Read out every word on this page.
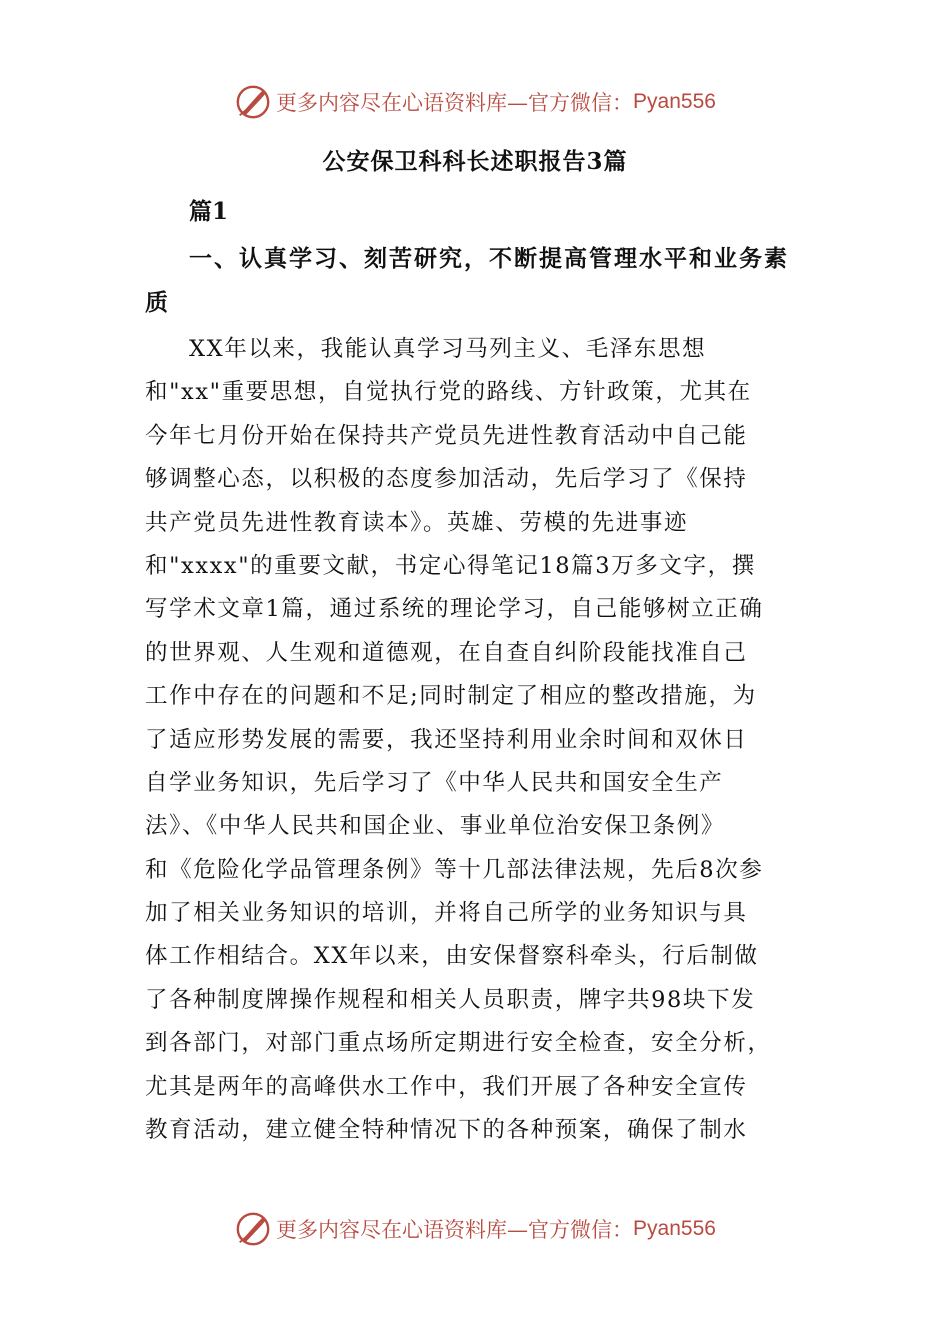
更多内容尽在心语资料库—官方微信： Pyan556
公安保卫科科长述职报告3篇
篇1
一、认真学习、刻苦研究，不断提高管理水平和业务素质
XX年以来，我能认真学习马列主义、毛泽东思想
和"xx"重要思想，自觉执行党的路线、方针政策，尤其在
今年七月份开始在保持共产党员先进性教育活动中自己能
够调整心态，以积极的态度参加活动，先后学习了《保持
共产党员先进性教育读本》。英雄、劳模的先进事迹
和"xxxx"的重要文献，书定心得笔记18篇3万多文字，撰
写学术文章1篇，通过系统的理论学习，自己能够树立正确
的世界观、人生观和道德观，在自查自纠阶段能找准自己
工作中存在的问题和不足;同时制定了相应的整改措施，为
了适应形势发展的需要，我还坚持利用业余时间和双休日
自学业务知识，先后学习了《中华人民共和国安全生产
法》、《中华人民共和国企业、事业单位治安保卫条例》
和《危险化学品管理条例》等十几部法律法规，先后8次参
加了相关业务知识的培训，并将自己所学的业务知识与具
体工作相结合。XX年以来，由安保督察科牵头，行后制做
了各种制度牌操作规程和相关人员职责，牌字共98块下发
到各部门，对部门重点场所定期进行安全检查，安全分析，
尤其是两年的高峰供水工作中，我们开展了各种安全宣传
教育活动，建立健全特种情况下的各种预案，确保了制水
更多内容尽在心语资料库—官方微信： Pyan556
